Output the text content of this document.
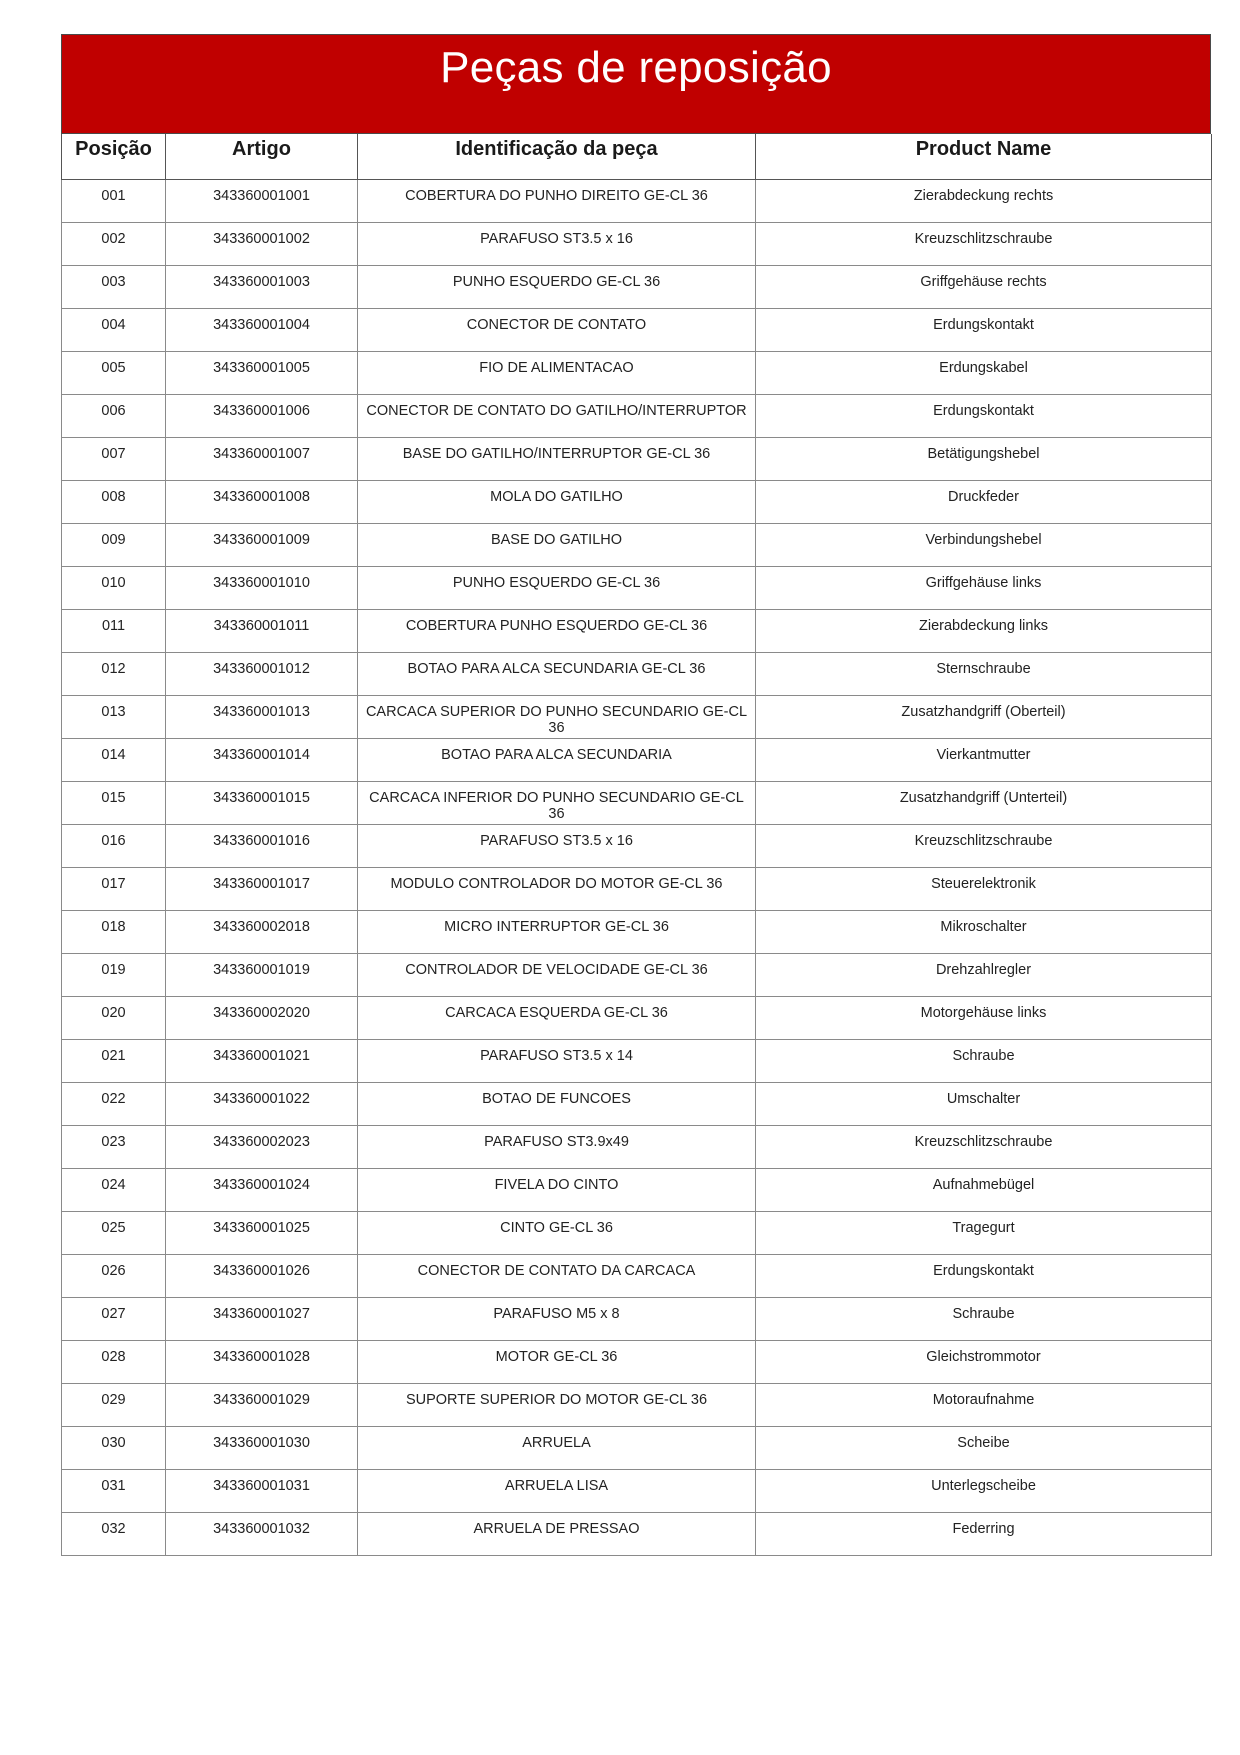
Peças de reposição
Posição	Artigo	Identificação da peça	Product Name
001	343360001001	COBERTURA DO PUNHO DIREITO GE-CL 36	Zierabdeckung rechts
002	343360001002	PARAFUSO ST3.5 x 16	Kreuzschlitzschraube
003	343360001003	PUNHO ESQUERDO GE-CL 36	Griffgehäuse rechts
004	343360001004	CONECTOR DE CONTATO	Erdungskontakt
005	343360001005	FIO DE ALIMENTACAO	Erdungskabel
006	343360001006	CONECTOR DE CONTATO DO GATILHO/INTERRUPTOR	Erdungskontakt
007	343360001007	BASE DO GATILHO/INTERRUPTOR GE-CL 36	Betätigungshebel
008	343360001008	MOLA DO GATILHO	Druckfeder
009	343360001009	BASE DO GATILHO	Verbindungshebel
010	343360001010	PUNHO ESQUERDO GE-CL 36	Griffgehäuse links
011	343360001011	COBERTURA PUNHO ESQUERDO GE-CL 36	Zierabdeckung links
012	343360001012	BOTAO PARA ALCA SECUNDARIA GE-CL 36	Sternschraube
013	343360001013	CARCACA SUPERIOR DO PUNHO SECUNDARIO GE-CL 36	Zusatzhandgriff (Oberteil)
014	343360001014	BOTAO PARA ALCA SECUNDARIA	Vierkantmutter
015	343360001015	CARCACA INFERIOR DO PUNHO SECUNDARIO GE-CL 36	Zusatzhandgriff (Unterteil)
016	343360001016	PARAFUSO ST3.5 x 16	Kreuzschlitzschraube
017	343360001017	MODULO CONTROLADOR DO MOTOR GE-CL 36	Steuerelektronik
018	343360002018	MICRO INTERRUPTOR GE-CL 36	Mikroschalter
019	343360001019	CONTROLADOR DE VELOCIDADE GE-CL 36	Drehzahlregler
020	343360002020	CARCACA ESQUERDA GE-CL 36	Motorgehäuse links
021	343360001021	PARAFUSO ST3.5 x 14	Schraube
022	343360001022	BOTAO DE FUNCOES	Umschalter
023	343360002023	PARAFUSO ST3.9x49	Kreuzschlitzschraube
024	343360001024	FIVELA DO CINTO	Aufnahmebügel
025	343360001025	CINTO GE-CL 36	Tragegurt
026	343360001026	CONECTOR DE CONTATO DA CARCACA	Erdungskontakt
027	343360001027	PARAFUSO M5 x 8	Schraube
028	343360001028	MOTOR GE-CL 36	Gleichstrommotor
029	343360001029	SUPORTE SUPERIOR DO MOTOR GE-CL 36	Motoraufnahme
030	343360001030	ARRUELA	Scheibe
031	343360001031	ARRUELA LISA	Unterlegscheibe
032	343360001032	ARRUELA DE PRESSAO	Federring
